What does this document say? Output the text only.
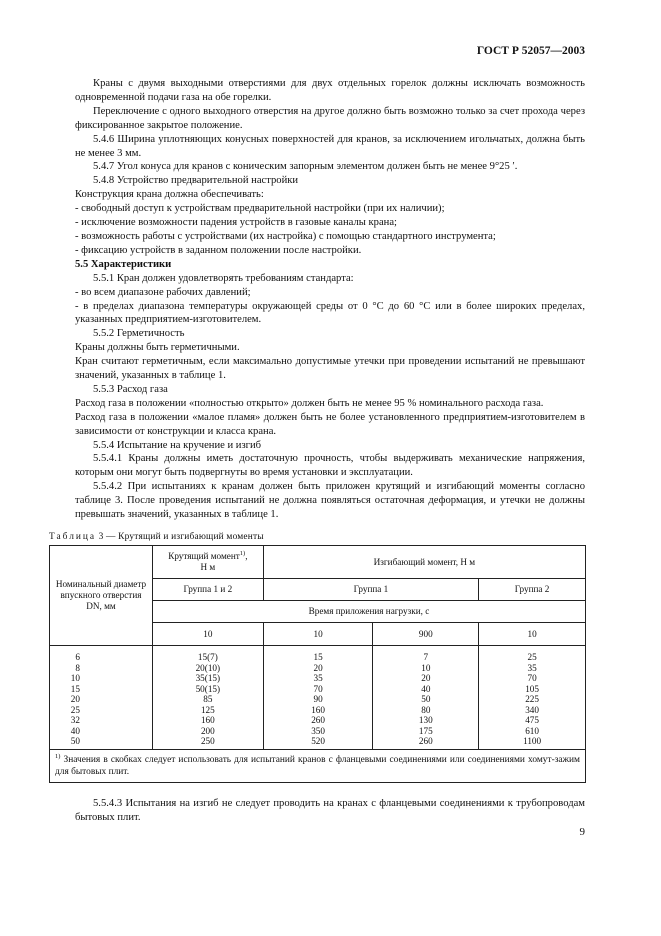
ГОСТ Р 52057—2003

Краны с двумя выходными отверстиями для двух отдельных горелок должны исключать возможность одновременной подачи газа на обе горелки.

Переключение с одного выходного отверстия на другое должно быть возможно только за счет прохода через фиксированное закрытое положение.

5.4.6 Ширина уплотняющих конусных поверхностей для кранов, за исключением игольчатых, должна быть не менее 3 мм.

5.4.7 Угол конуса для кранов с коническим запорным элементом должен быть не менее 9°25 ′.

5.4.8 Устройство предварительной настройки

Конструкция крана должна обеспечивать:

- свободный доступ к устройствам предварительной настройки (при их наличии);

- исключение возможности падения устройств в газовые каналы крана;

- возможность работы с устройствами (их настройка) с помощью стандартного инструмента;

- фиксацию устройств в заданном положении после настройки.

5.5 Характеристики

5.5.1 Кран должен удовлетворять требованиям стандарта:

- во всем диапазоне рабочих давлений;

- в пределах диапазона температуры окружающей среды от 0 °С до 60 °С или в более широких пределах, указанных предприятием-изготовителем.

5.5.2 Герметичность

Краны должны быть герметичными.

Кран считают герметичным, если максимально допустимые утечки при проведении испытаний не превышают значений, указанных в таблице 1.

5.5.3 Расход газа

Расход газа в положении «полностью открыто» должен быть не менее 95 % номинального расхода газа.

Расход газа в положении «малое пламя» должен быть не более установленного предприятием-изготовителем в зависимости от конструкции и класса крана.

5.5.4 Испытание на кручение и изгиб

5.5.4.1 Краны должны иметь достаточную прочность, чтобы выдерживать механические напряжения, которым они могут быть подвергнуты во время установки и эксплуатации.

5.5.4.2 При испытаниях к кранам должен быть приложен крутящий и изгибающий моменты согласно таблице 3. После проведения испытаний не должна появляться остаточная деформация, и утечки не должны превышать значений, указанных в таблице 1.

Таблица 3 — Крутящий и изгибающий моменты
Номинальный диаметр впускного отверстия DN, мм	Крутящий момент$^{1)}$,
Н м	Изгибающий момент, Н м		
	Группа 1 и 2	Группа 1		Группа 2
	Время приложения нагрузки, с			
	10	10	900	10
6	15(7)	15	7	25
8	20(10)	20	10	35
10	35(15)	35	20	70
15	50(15)	70	40	105
20	85	90	50	225
25	125	160	80	340
32	160	260	130	475
40	200	350	175	610
50	250	520	260	1100
$^{1)}$ Значения в скобках следует использовать для испытаний кранов с фланцевыми соединениями или соединениями хомут-зажим для бытовых плит.				

5.5.4.3 Испытания на изгиб не следует проводить на кранах с фланцевыми соединениями к трубопроводам бытовых плит.

9
